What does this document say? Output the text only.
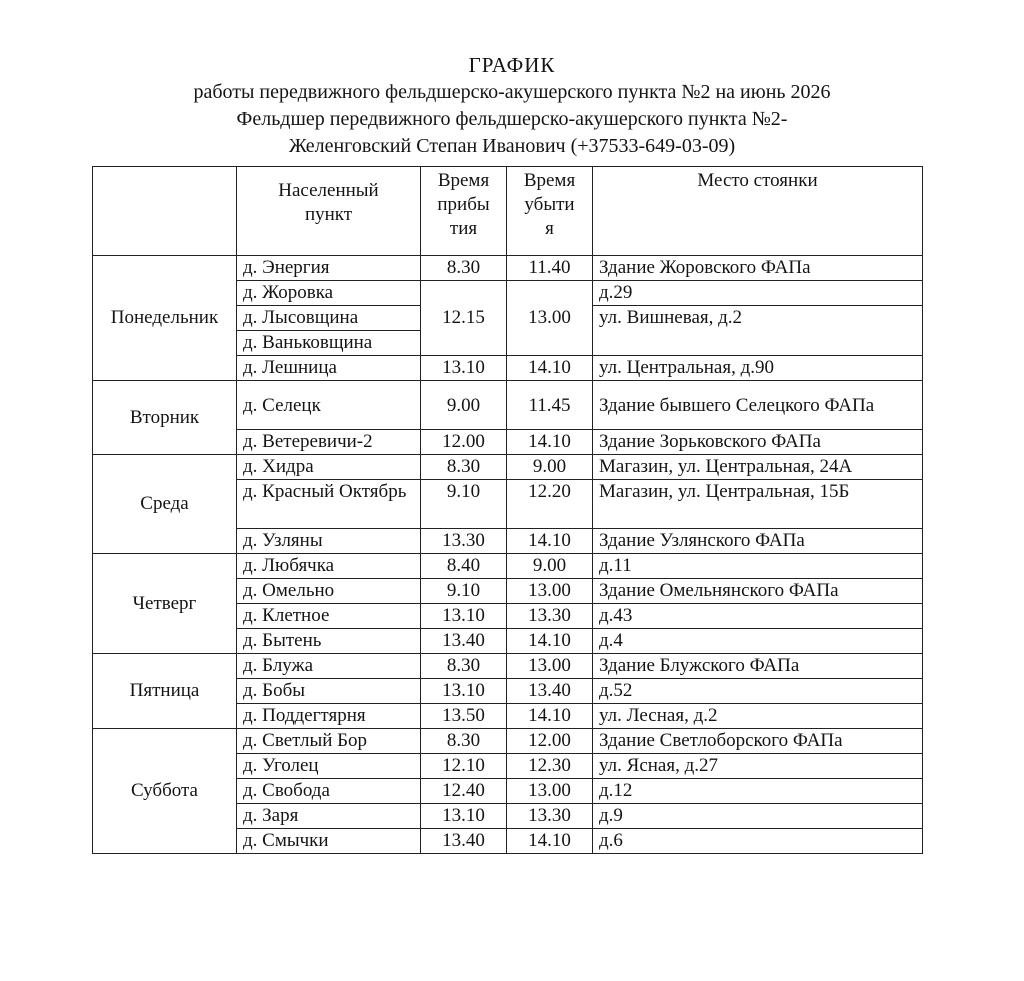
ГРАФИК
работы передвижного фельдшерско-акушерского пункта №2 на июнь 2026
Фельдшер передвижного фельдшерско-акушерского пункта №2-
Желенговский Степан Иванович (+37533-649-03-09)
	Населенный
пункт	Время
прибы
тия	Время
убыти
я	Место стоянки
Понедельник	д. Энергия	8.30	11.40	Здание Жоровского ФАПа
	д. Жоровка	12.15	13.00	д.29
	д. Лысовщина			ул. Вишневая, д.2
	д. Ваньковщина			
	д. Лешница	13.10	14.10	ул. Центральная, д.90
Вторник	д. Селецк	9.00	11.45	Здание бывшего Селецкого ФАПа
	д. Ветеревичи-2	12.00	14.10	Здание Зорьковского ФАПа
Среда	д. Хидра	8.30	9.00	Магазин, ул. Центральная, 24А
	д. Красный Октябрь	9.10	12.20	Магазин, ул. Центральная, 15Б
	д. Узляны	13.30	14.10	Здание Узлянского ФАПа
Четверг	д. Любячка	8.40	9.00	д.11
	д. Омельно	9.10	13.00	Здание Омельнянского ФАПа
	д. Клетное	13.10	13.30	д.43
	д. Бытень	13.40	14.10	д.4
Пятница	д. Блужа	8.30	13.00	Здание Блужского ФАПа
	д. Бобы	13.10	13.40	д.52
	д. Поддегтярня	13.50	14.10	ул. Лесная, д.2
Суббота	д. Светлый Бор	8.30	12.00	Здание Светлоборского ФАПа
	д. Уголец	12.10	12.30	ул. Ясная, д.27
	д. Свобода	12.40	13.00	д.12
	д. Заря	13.10	13.30	д.9
	д. Смычки	13.40	14.10	д.6
